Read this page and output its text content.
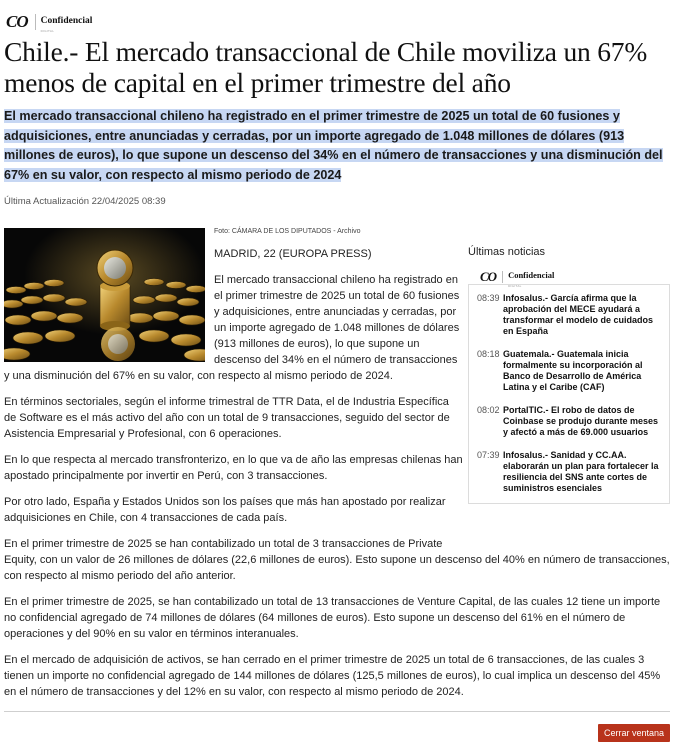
CO Confidencial
DIGITAL
Chile.- El mercado transaccional de Chile moviliza un 67% menos de capital en el primer trimestre del año
El mercado transaccional chileno ha registrado en el primer trimestre de 2025 un total de 60 fusiones y adquisiciones, entre anunciadas y cerradas, por un importe agregado de 1.048 millones de dólares (913 millones de euros), lo que supone un descenso del 34% en el número de transacciones y una disminución del 67% en su valor, con respecto al mismo periodo de 2024
Última Actualización 22/04/2025 08:39
Foto: CÁMARA DE LOS DIPUTADOS - Archivo
Últimas noticias
CO Confidencial
DIGITAL
08:39 Infosalus.- García afirma que la aprobación del MECE ayudará a transformar el modelo de cuidados en España
08:18 Guatemala.- Guatemala inicia formalmente su incorporación al Banco de Desarrollo de América Latina y el Caribe (CAF)
08:02 PortalTIC.- El robo de datos de Coinbase se produjo durante meses y afectó a más de 69.000 usuarios
07:39 Infosalus.- Sanidad y CC.AA. elaborarán un plan para fortalecer la resiliencia del SNS ante cortes de suministros esenciales

MADRID, 22 (EUROPA PRESS)

El mercado transaccional chileno ha registrado en el primer trimestre de 2025 un total de 60 fusiones y adquisiciones, entre anunciadas y cerradas, por un importe agregado de 1.048 millones de dólares (913 millones de euros), lo que supone un descenso del 34% en el número de transacciones y una disminución del 67% en su valor, con respecto al mismo periodo de 2024.

En términos sectoriales, según el informe trimestral de TTR Data, el de Industria Específica de Software es el más activo del año con un total de 9 transacciones, seguido del sector de Asistencia Empresarial y Profesional, con 6 operaciones.

En lo que respecta al mercado transfronterizo, en lo que va de año las empresas chilenas han apostado principalmente por invertir en Perú, con 3 transacciones.

Por otro lado, España y Estados Unidos son los países que más han apostado por realizar adquisiciones en Chile, con 4 transacciones de cada país.

En el primer trimestre de 2025 se han contabilizado un total de 3 transacciones de Private Equity, con un valor de 26 millones de dólares (22,6 millones de euros). Esto supone un descenso del 40% en número de transacciones, con respecto al mismo periodo del año anterior.

En el primer trimestre de 2025, se han contabilizado un total de 13 transacciones de Venture Capital, de las cuales 12 tiene un importe no confidencial agregado de 74 millones de dólares (64 millones de euros). Esto supone un descenso del 61% en el número de operaciones y del 90% en su valor en términos interanuales.

En el mercado de adquisición de activos, se han cerrado en el primer trimestre de 2025 un total de 6 transacciones, de las cuales 3 tienen un importe no confidencial agregado de 144 millones de dólares (125,5 millones de euros), lo cual implica un descenso del 45% en el número de transacciones y del 12% en su valor, con respecto al mismo periodo de 2024.

Cerrar ventana
